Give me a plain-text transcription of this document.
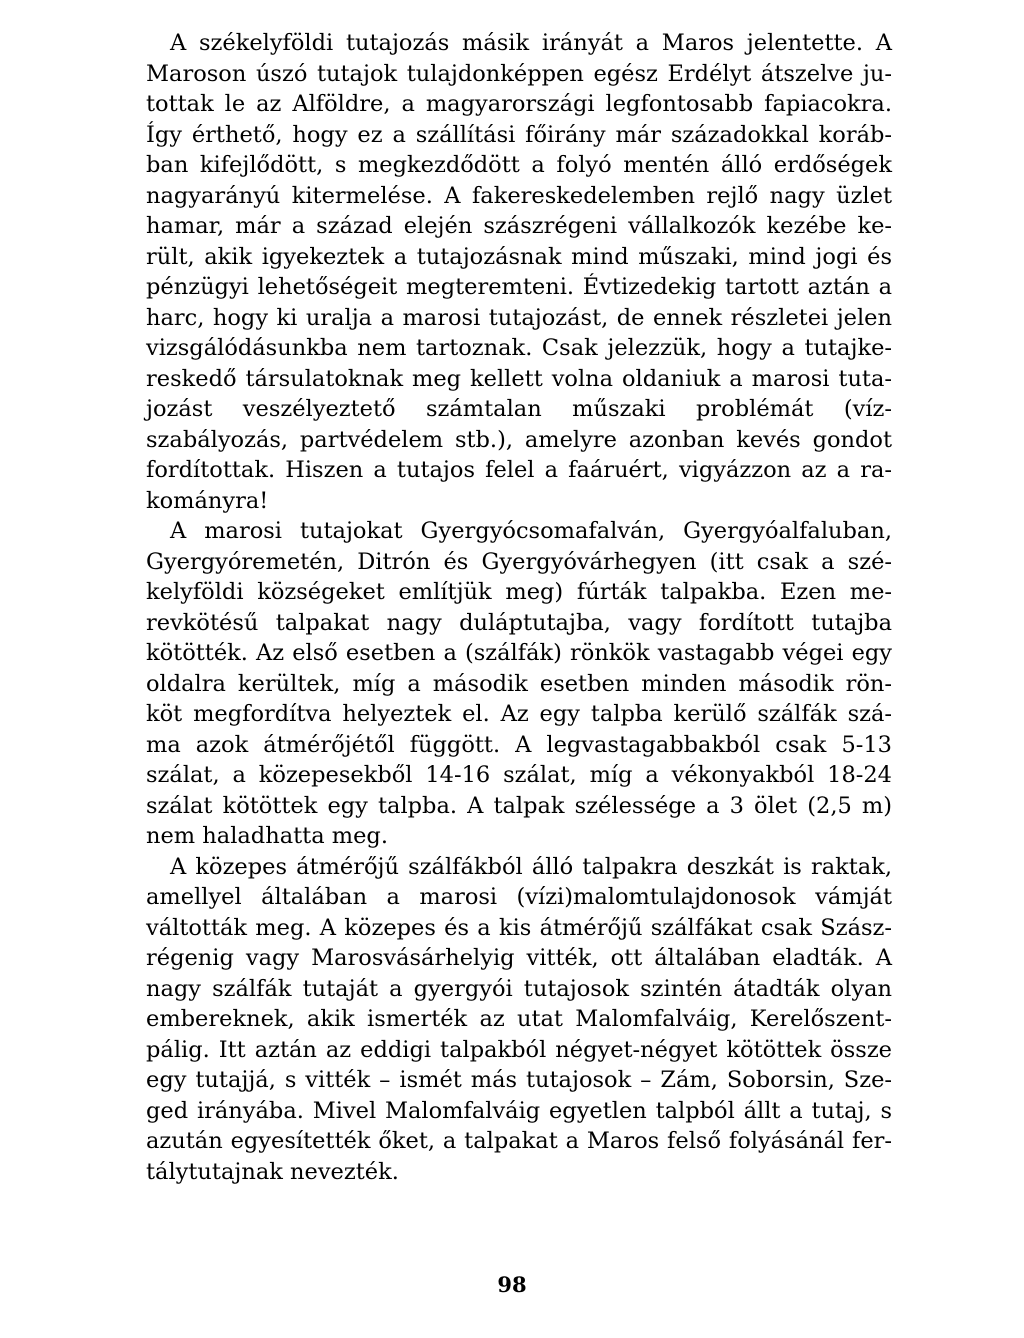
A székelyföldi tutajozás másik irányát a Maros jelentette. A
Maroson úszó tutajok tulajdonképpen egész Erdélyt átszelve ju-
tottak le az Alföldre, a magyarországi legfontosabb fapiacokra.
Így érthető, hogy ez a szállítási főirány már századokkal koráb-
ban kifejlődött, s megkezdődött a folyó mentén álló erdőségek
nagyarányú kitermelése. A fakereskedelemben rejlő nagy üzlet
hamar, már a század elején szászrégeni vállalkozók kezébe ke-
rült, akik igyekeztek a tutajozásnak mind műszaki, mind jogi és
pénzügyi lehetőségeit megteremteni. Évtizedekig tartott aztán a
harc, hogy ki uralja a marosi tutajozást, de ennek részletei jelen
vizsgálódásunkba nem tartoznak. Csak jelezzük, hogy a tutajke-
reskedő társulatoknak meg kellett volna oldaniuk a marosi tuta-
jozást veszélyeztető számtalan műszaki problémát (víz-
szabályozás, partvédelem stb.), amelyre azonban kevés gondot
fordítottak. Hiszen a tutajos felel a faáruért, vigyázzon az a ra-
kományra!
A marosi tutajokat Gyergyócsomafalván, Gyergyóalfaluban,
Gyergyóremetén, Ditrón és Gyergyóvárhegyen (itt csak a szé-
kelyföldi községeket említjük meg) fúrták talpakba. Ezen me-
revkötésű talpakat nagy duláptutajba, vagy fordított tutajba
kötötték. Az első esetben a (szálfák) rönkök vastagabb végei egy
oldalra kerültek, míg a második esetben minden második rön-
köt megfordítva helyeztek el. Az egy talpba kerülő szálfák szá-
ma azok átmérőjétől függött. A legvastagabbakból csak 5-13
szálat, a közepesekből 14-16 szálat, míg a vékonyakból 18-24
szálat kötöttek egy talpba. A talpak szélessége a 3 ölet (2,5 m)
nem haladhatta meg.
A közepes átmérőjű szálfákból álló talpakra deszkát is raktak,
amellyel általában a marosi (vízi)malomtulajdonosok vámját
váltották meg. A közepes és a kis átmérőjű szálfákat csak Szász-
régenig vagy Marosvásárhelyig vitték, ott általában eladták. A
nagy szálfák tutaját a gyergyói tutajosok szintén átadták olyan
embereknek, akik ismerték az utat Malomfalváig, Kerelőszent-
pálig. Itt aztán az eddigi talpakból négyet-négyet kötöttek össze
egy tutajjá, s vitték – ismét más tutajosok – Zám, Soborsin, Sze-
ged irányába. Mivel Malomfalváig egyetlen talpból állt a tutaj, s
azután egyesítették őket, a talpakat a Maros felső folyásánál fer-
tálytutajnak nevezték.
98
